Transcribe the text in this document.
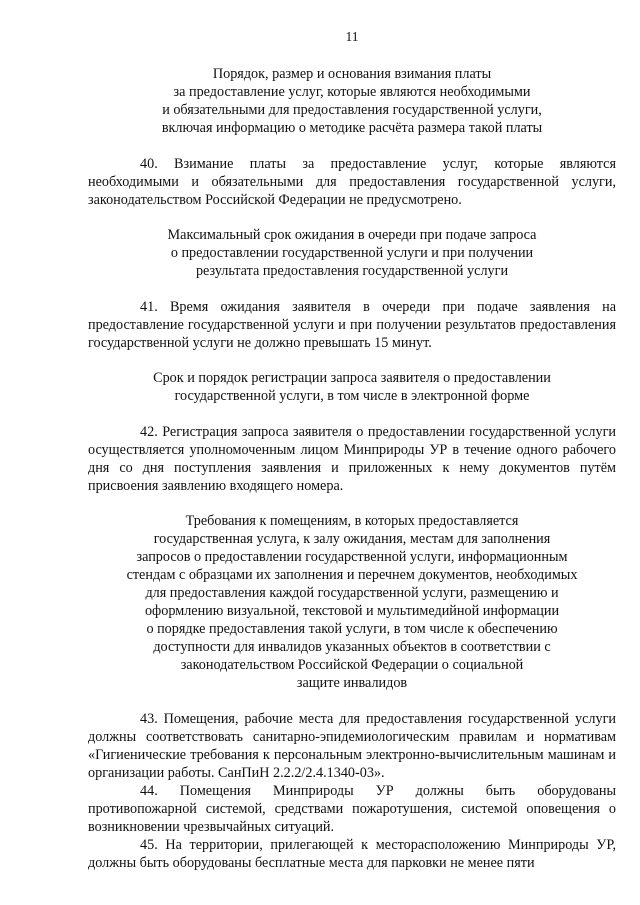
11

Порядок, размер и основания взимания платы
за предоставление услуг, которые являются необходимыми
и обязательными для предоставления государственной услуги,
включая информацию о методике расчёта размера такой платы

40. Взимание платы за предоставление услуг, которые являются необходимыми и обязательными для предоставления государственной услуги, законодательством Российской Федерации не предусмотрено.

Максимальный срок ожидания в очереди при подаче запроса
о предоставлении государственной услуги и при получении
результата предоставления государственной услуги

41. Время ожидания заявителя в очереди при подаче заявления на предоставление государственной услуги и при получении результатов предоставления государственной услуги не должно превышать 15 минут.

Срок и порядок регистрации запроса заявителя о предоставлении
государственной услуги, в том числе в электронной форме

42. Регистрация запроса заявителя о предоставлении государственной услуги осуществляется уполномоченным лицом Минприроды УР в течение одного рабочего дня со дня поступления заявления и приложенных к нему документов путём присвоения заявлению входящего номера.

Требования к помещениям, в которых предоставляется
государственная услуга, к залу ожидания, местам для заполнения
запросов о предоставлении государственной услуги, информационным
стендам с образцами их заполнения и перечнем документов, необходимых
для предоставления каждой государственной услуги, размещению и
оформлению визуальной, текстовой и мультимедийной информации
о порядке предоставления такой услуги, в том числе к обеспечению
доступности для инвалидов указанных объектов в соответствии с
законодательством Российской Федерации о социальной
защите инвалидов

43. Помещения, рабочие места для предоставления государственной услуги должны соответствовать санитарно-эпидемиологическим правилам и нормативам «Гигиенические требования к персональным электронно-вычислительным машинам и организации работы. СанПиН 2.2.2/2.4.1340-03».

44. Помещения Минприроды УР должны быть оборудованы противопожарной системой, средствами пожаротушения, системой оповещения о возникновении чрезвычайных ситуаций.

45. На территории, прилегающей к месторасположению Минприроды УР, должны быть оборудованы бесплатные места для парковки не менее пяти
